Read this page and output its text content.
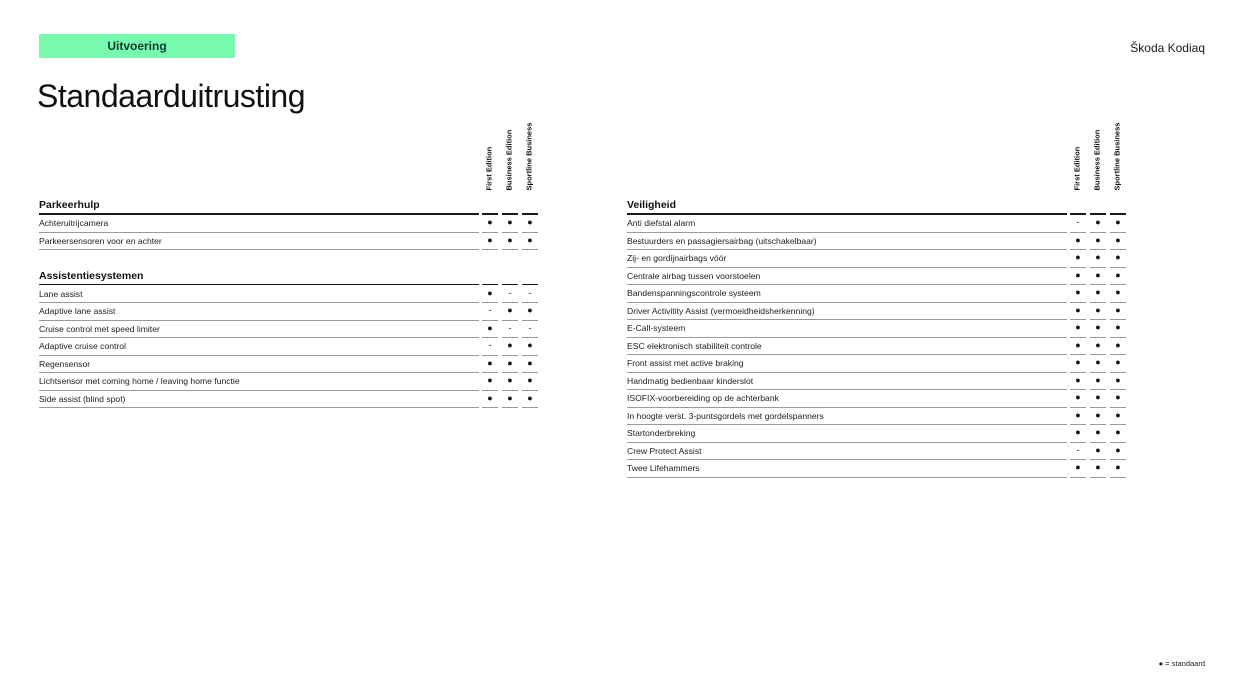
Uitvoering	Škoda Kodiaq
Standaarduitrusting
First Edition Business Edition Sportline Business
Parkeerhulp
Achteruitrijcamera	●	●	●
Parkeersensoren voor en achter	●	●	●
Assistentiesystemen
Lane assist	●	-	-
Adaptive lane assist	-	●	●
Cruise control met speed limiter	●	-	-
Adaptive cruise control	-	●	●
Regensensor	●	●	●
Lichtsensor met coming home / leaving home functie	●	●	●
Side assist (blind spot)	●	●	●
First Edition Business Edition Sportline Business
Veiligheid
Anti diefstal alarm	-	●	●
Bestuurders en passagiersairbag (uitschakelbaar)	●	●	●
Zij- en gordijnairbags vóór	●	●	●
Centrale airbag tussen voorstoelen	●	●	●
Bandenspanningscontrole systeem	●	●	●
Driver Activitity Assist (vermoeidheidsherkenning)	●	●	●
E-Call-systeem	●	●	●
ESC elektronisch stabiliteit controle	●	●	●
Front assist met active braking	●	●	●
Handmatig bedienbaar kinderslot	●	●	●
ISOFIX-voorbereiding op de achterbank	●	●	●
In hoogte verst. 3-puntsgordels met gordelspanners	●	●	●
Startonderbreking	●	●	●
Crew Protect Assist	-	●	●
Twee Lifehammers	●	●	●
● = standaard
